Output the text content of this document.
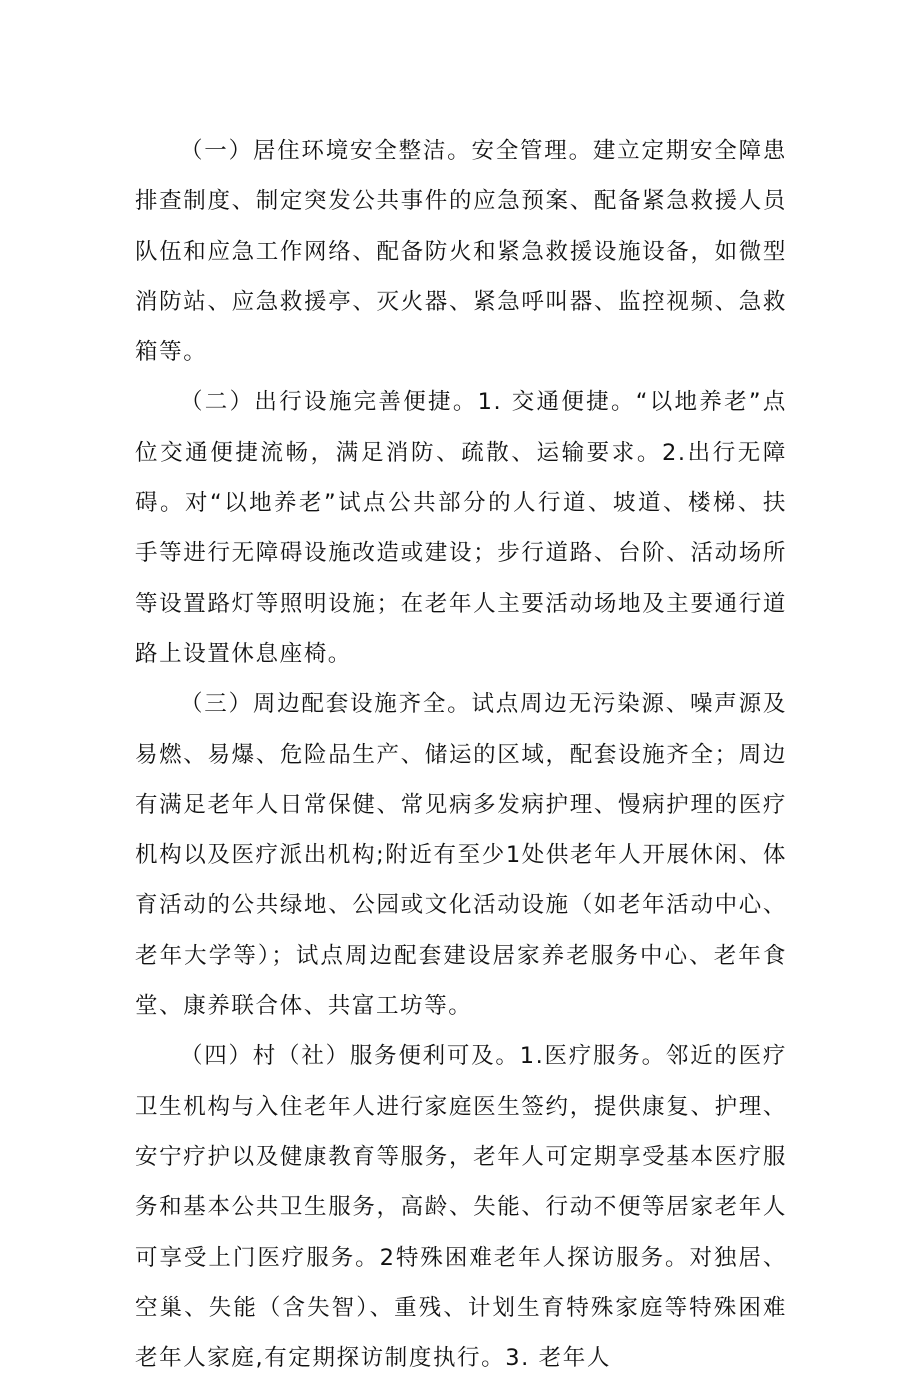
（一）居住环境安全整洁。安全管理。建立定期安全障患排查制度、制定突发公共事件的应急预案、配备紧急救援人员队伍和应急工作网络、配备防火和紧急救援设施设备，如微型消防站、应急救援亭、灭火器、紧急呼叫器、监控视频、急救箱等。

（二）出行设施完善便捷。1. 交通便捷。“以地养老”点位交通便捷流畅，满足消防、疏散、运输要求。2.出行无障碍。对“以地养老”试点公共部分的人行道、坡道、楼梯、扶手等进行无障碍设施改造或建设；步行道路、台阶、活动场所等设置路灯等照明设施；在老年人主要活动场地及主要通行道路上设置休息座椅。

（三）周边配套设施齐全。试点周边无污染源、噪声源及易燃、易爆、危险品生产、储运的区域，配套设施齐全；周边有满足老年人日常保健、常见病多发病护理、慢病护理的医疗机构以及医疗派出机构;附近有至少1处供老年人开展休闲、体育活动的公共绿地、公园或文化活动设施（如老年活动中心、老年大学等）；试点周边配套建设居家养老服务中心、老年食堂、康养联合体、共富工坊等。

（四）村（社）服务便利可及。1.医疗服务。邻近的医疗卫生机构与入住老年人进行家庭医生签约，提供康复、护理、安宁疗护以及健康教育等服务，老年人可定期享受基本医疗服务和基本公共卫生服务，高龄、失能、行动不便等居家老年人可享受上门医疗服务。2特殊困难老年人探访服务。对独居、空巢、失能（含失智）、重残、计划生育特殊家庭等特殊困难老年人家庭,有定期探访制度执行。3. 老年人
